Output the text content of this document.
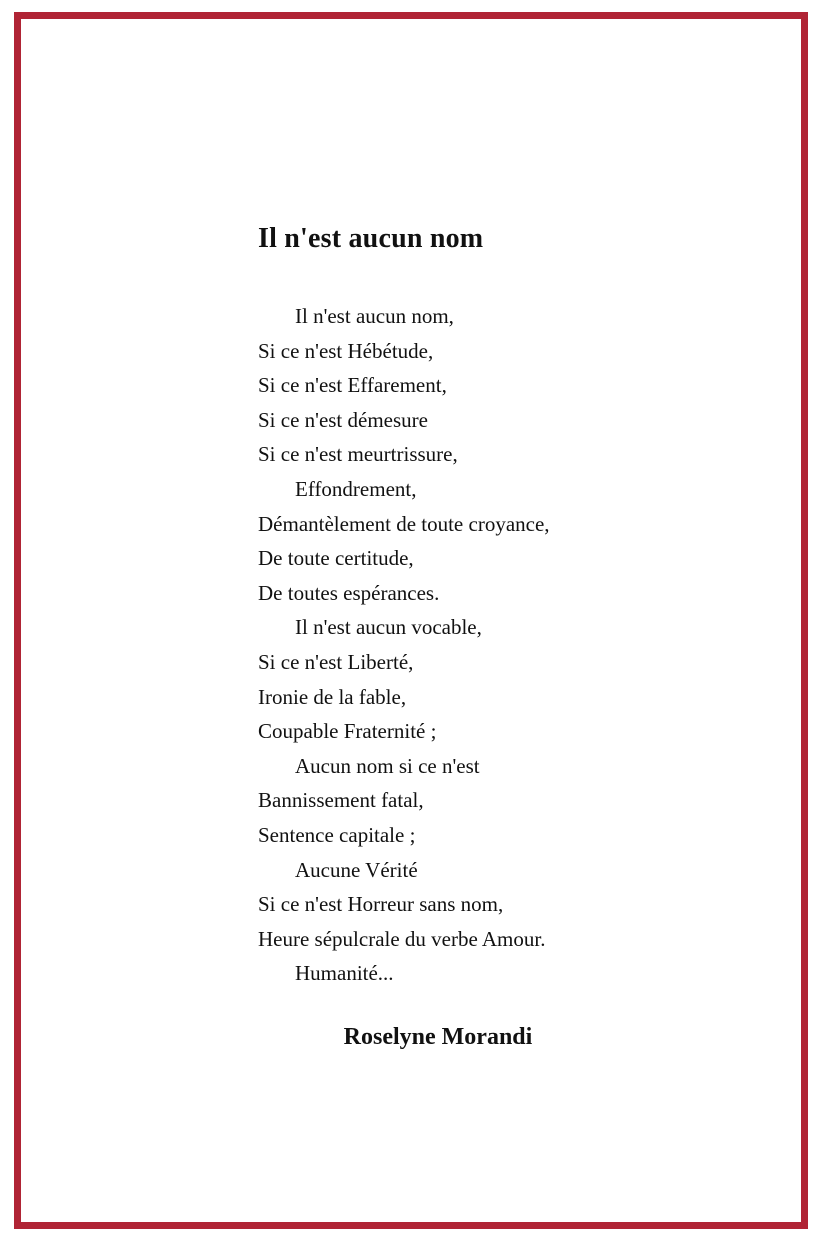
Il n'est aucun nom
Il n'est aucun nom,
Si ce n'est Hébétude,
Si ce n'est Effarement,
Si ce n'est démesure
Si ce n'est meurtrissure,
Effondrement,
Démantèlement de toute croyance,
De toute certitude,
De toutes espérances.
Il n'est aucun vocable,
Si ce n'est Liberté,
Ironie de la fable,
Coupable Fraternité ;
Aucun nom si ce n'est
Bannissement fatal,
Sentence capitale ;
Aucune Vérité
Si ce n'est Horreur sans nom,
Heure sépulcrale du verbe Amour.
Humanité...
Roselyne Morandi
